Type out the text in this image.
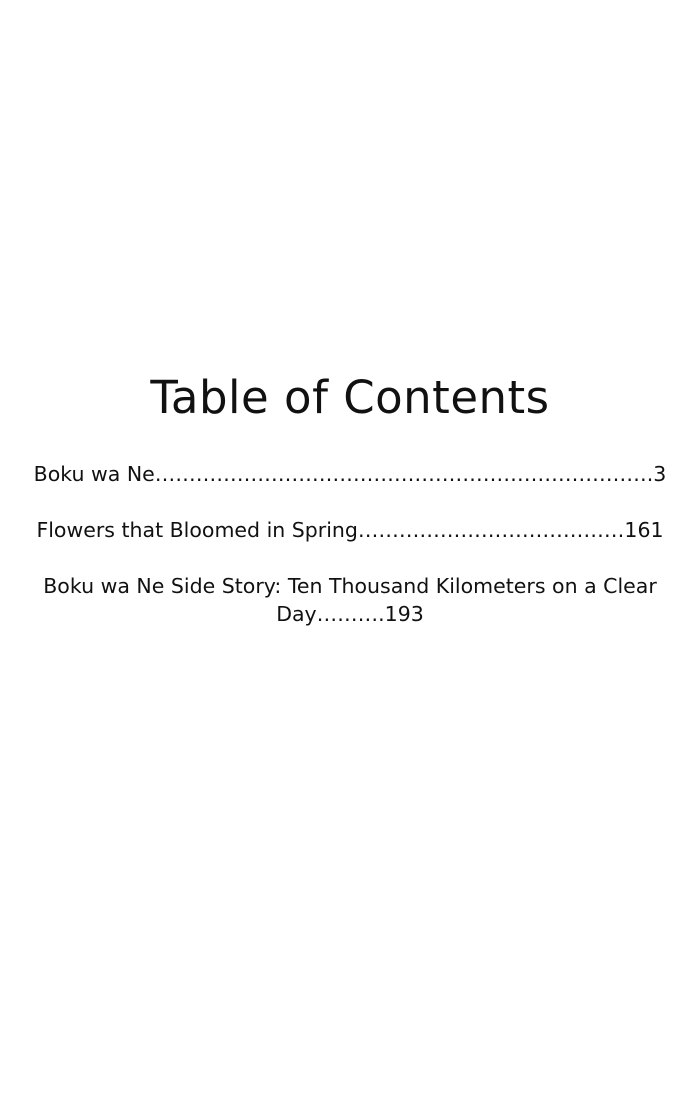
Table of Contents
Boku wa Ne……………………………………………………………….3
Flowers that Bloomed in Spring…………………………………161
Boku wa Ne Side Story: Ten Thousand Kilometers on a Clear Day……….193
